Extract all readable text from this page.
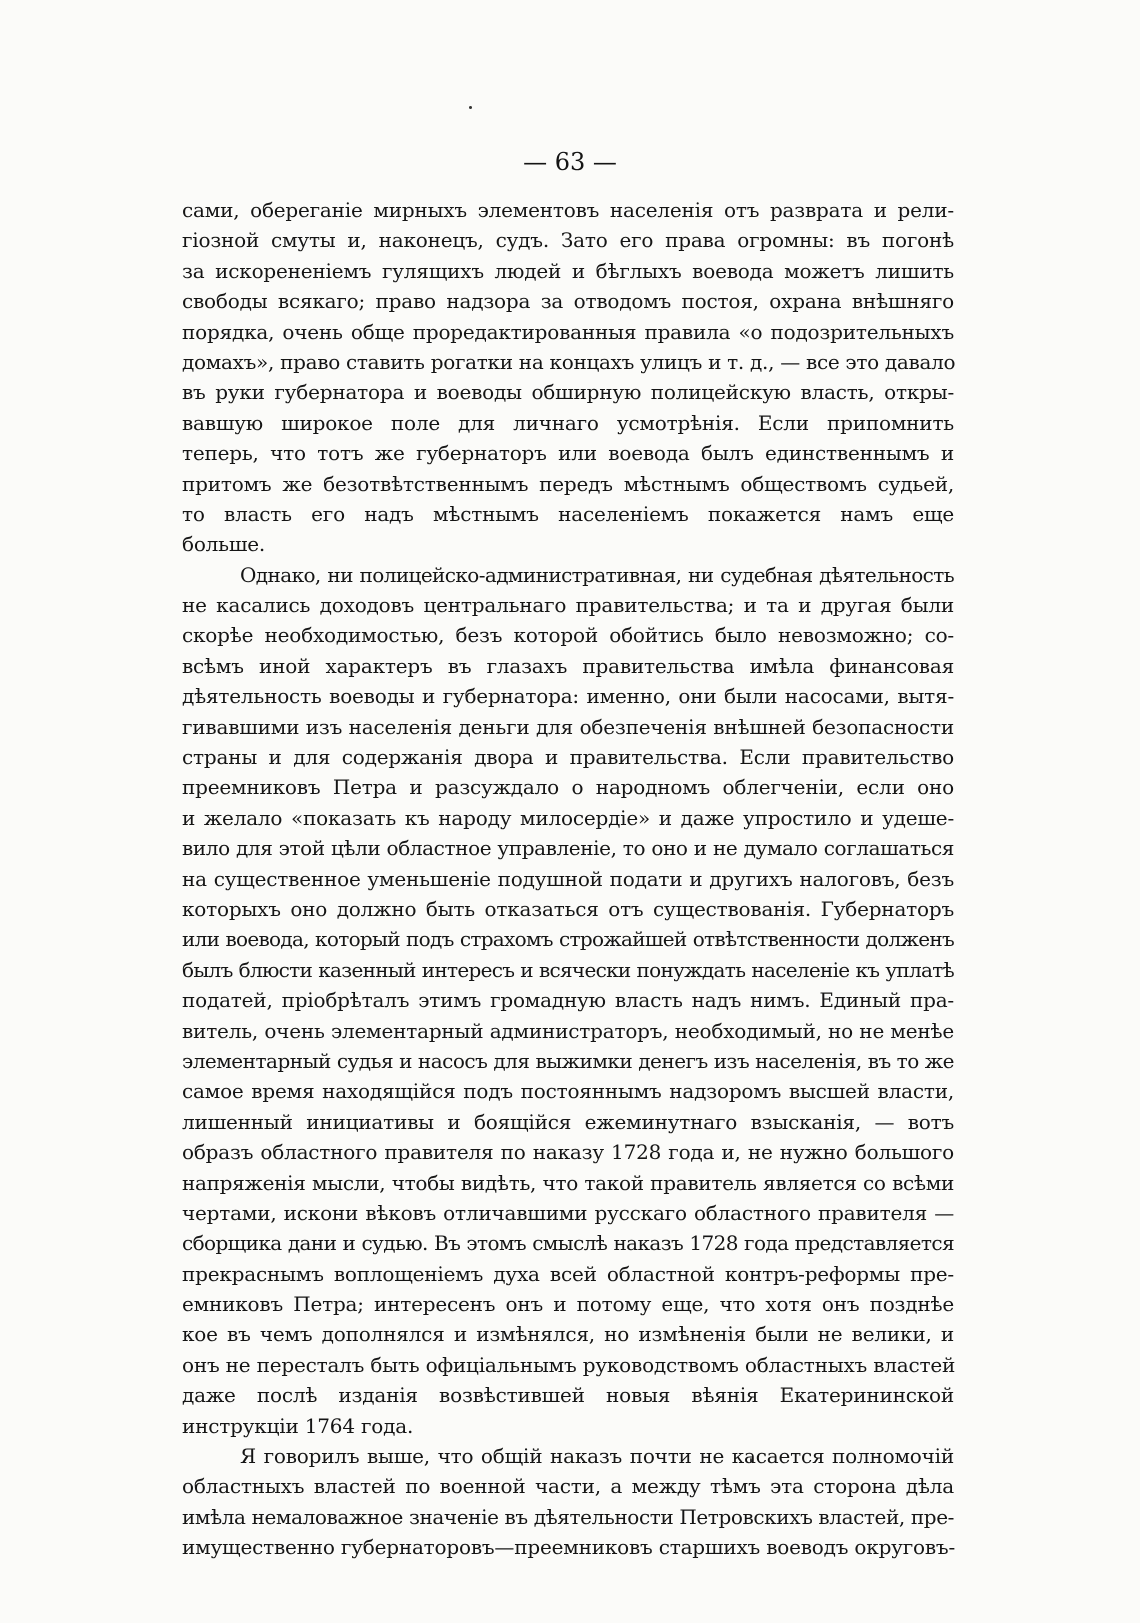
— 63 —
сами, обереганіе мирныхъ элементовъ населенія отъ разврата и рели-
гіозной смуты и, наконецъ, судъ. Зато его права огромны: въ погонѣ
за искорененіемъ гулящихъ людей и бѣглыхъ воевода можетъ лишить
свободы всякаго; право надзора за отводомъ постоя, охрана внѣшняго
порядка, очень обще проредактированныя правила «о подозрительныхъ
домахъ», право ставить рогатки на концахъ улицъ и т. д., — все это давало
въ руки губернатора и воеводы обширную полицейскую власть, откры-
вавшую широкое поле для личнаго усмотрѣнія. Если припомнить
теперь, что тотъ же губернаторъ или воевода былъ единственнымъ и
притомъ же безотвѣтственнымъ передъ мѣстнымъ обществомъ судьей,
то власть его надъ мѣстнымъ населеніемъ покажется намъ еще
больше.
Однако, ни полицейско-административная, ни судебная дѣятельность
не касались доходовъ центральнаго правительства; и та и другая были
скорѣе необходимостью, безъ которой обойтись было невозможно; со-
всѣмъ иной характеръ въ глазахъ правительства имѣла финансовая
дѣятельность воеводы и губернатора: именно, они были насосами, вытя-
гивавшими изъ населенія деньги для обезпеченія внѣшней безопасности
страны и для содержанія двора и правительства. Если правительство
преемниковъ Петра и разсуждало о народномъ облегченіи, если оно
и желало «показать къ народу милосердіе» и даже упростило и удеше-
вило для этой цѣли областное управленіе, то оно и не думало соглашаться
на существенное уменьшеніе подушной подати и другихъ налоговъ, безъ
которыхъ оно должно быть отказаться отъ существованія. Губернаторъ
или воевода, который подъ страхомъ строжайшей отвѣтственности долженъ
былъ блюсти казенный интересъ и всячески понуждать населеніе къ уплатѣ
податей, пріобрѣталъ этимъ громадную власть надъ нимъ. Единый пра-
витель, очень элементарный администраторъ, необходимый, но не менѣе
элементарный судья и насосъ для выжимки денегъ изъ населенія, въ то же
самое время находящійся подъ постояннымъ надзоромъ высшей власти,
лишенный инициативы и боящійся ежеминутнаго взысканія, — вотъ
образъ областного правителя по наказу 1728 года и, не нужно большого
напряженія мысли, чтобы видѣть, что такой правитель является со всѣми
чертами, искони вѣковъ отличавшими русскаго областного правителя —
сборщика дани и судью. Въ этомъ смыслѣ наказъ 1728 года представляется
прекраснымъ воплощеніемъ духа всей областной контръ-реформы пре-
емниковъ Петра; интересенъ онъ и потому еще, что хотя онъ позднѣе
кое въ чемъ дополнялся и измѣнялся, но измѣненія были не велики, и
онъ не пересталъ быть офиціальнымъ руководствомъ областныхъ властей
даже послѣ изданія возвѣстившей новыя вѣянія Екатерининской
инструкціи 1764 года.
Я говорилъ выше, что общій наказъ почти не касается полномочій
областныхъ властей по военной части, а между тѣмъ эта сторона дѣла
имѣла немаловажное значеніе въ дѣятельности Петровскихъ властей, пре-
имущественно губернаторовъ—преемниковъ старшихъ воеводъ округовъ-
